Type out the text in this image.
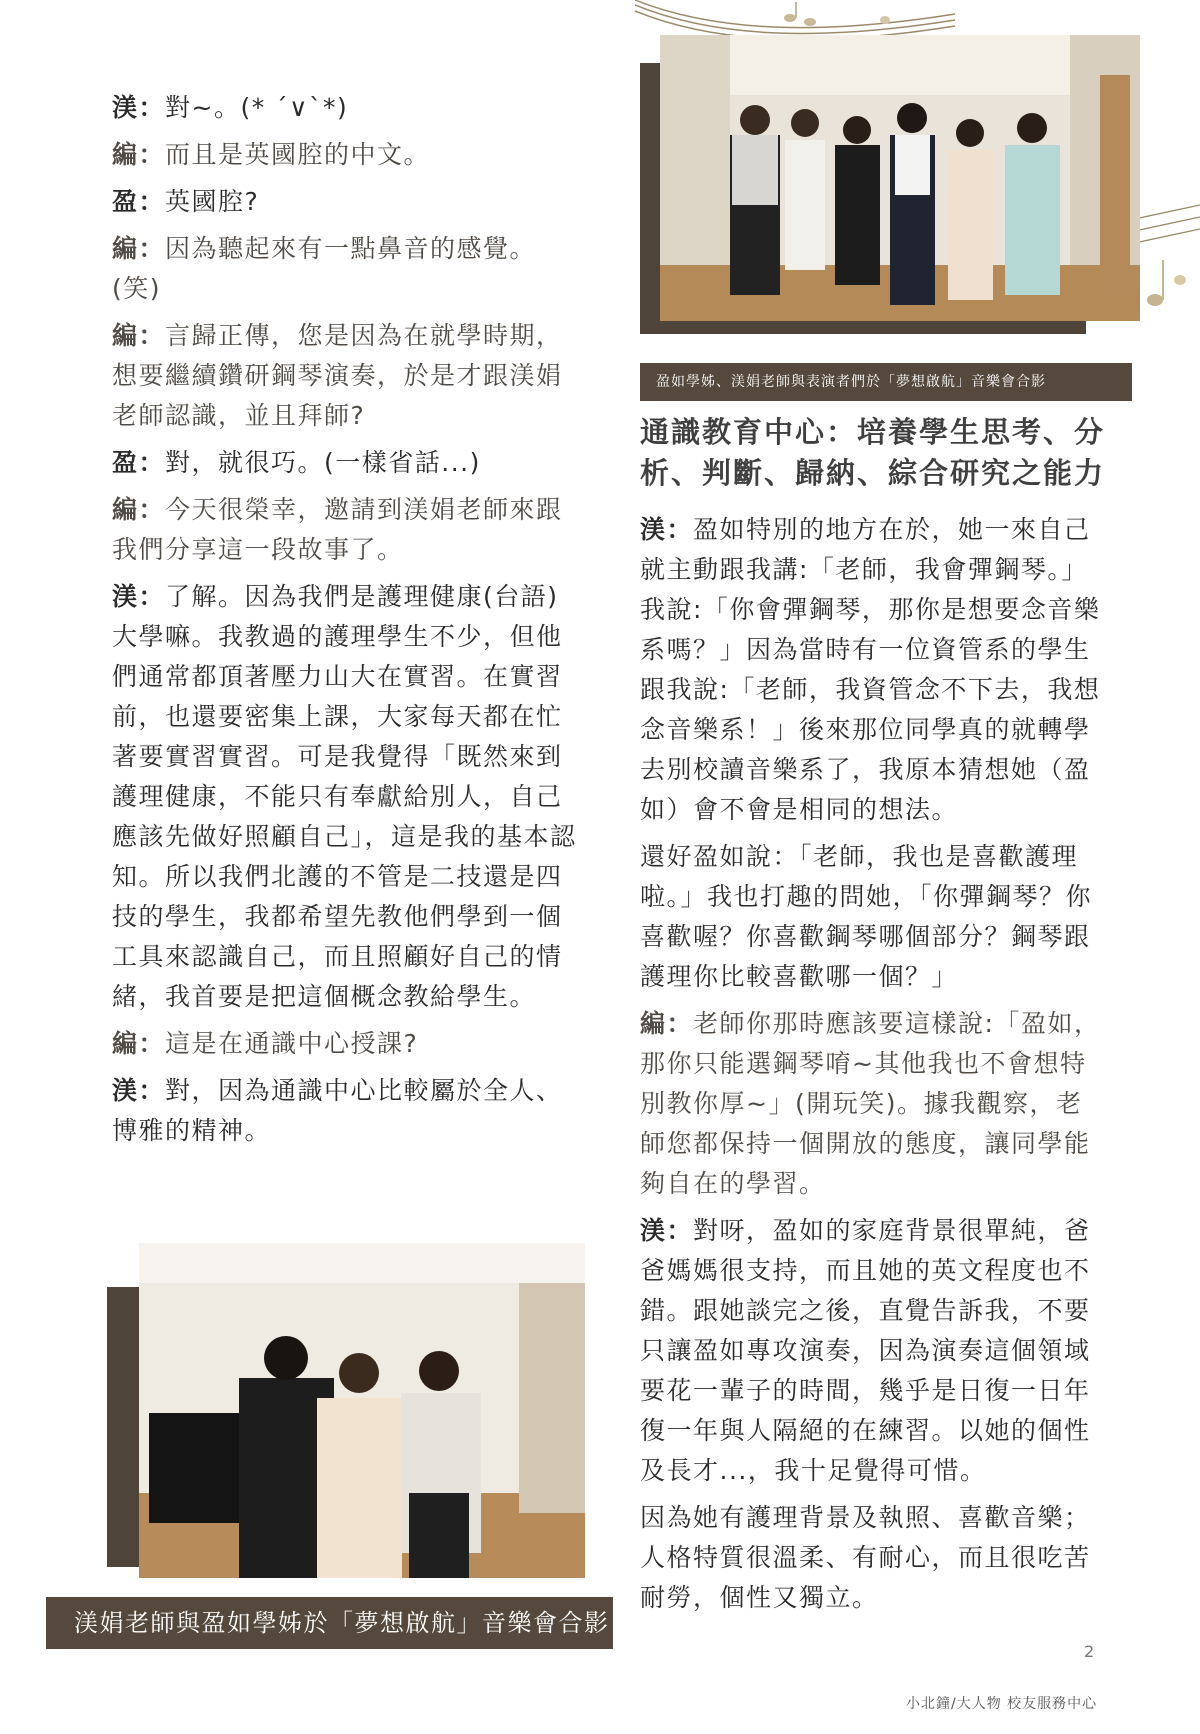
渼：對~。(* ´∨`*)

編：而且是英國腔的中文。

盈：英國腔?

編：因為聽起來有一點鼻音的感覺。(笑)

編：言歸正傳，您是因為在就學時期，想要繼續鑽研鋼琴演奏，於是才跟渼娟老師認識，並且拜師?

盈：對，就很巧。(一樣省話...)

編：今天很榮幸，邀請到渼娟老師來跟我們分享這一段故事了。

渼：了解。因為我們是護理健康(台語)大學嘛。我教過的護理學生不少，但他們通常都頂著壓力山大在實習。在實習前，也還要密集上課，大家每天都在忙著要實習實習。可是我覺得「既然來到護理健康，不能只有奉獻給別人，自己應該先做好照顧自己」，這是我的基本認知。所以我們北護的不管是二技還是四技的學生，我都希望先教他們學到一個工具來認識自己，而且照顧好自己的情緒，我首要是把這個概念教給學生。

編：這是在通識中心授課?

渼：對，因為通識中心比較屬於全人、博雅的精神。

盈如學姊、渼娟老師與表演者們於「夢想啟航」音樂會合影
通識教育中心：培養學生思考、分析、判斷、歸納、綜合研究之能力

渼：盈如特別的地方在於，她一來自己就主動跟我講:「老師，我會彈鋼琴。」我說:「你會彈鋼琴，那你是想要念音樂系嗎？」因為當時有一位資管系的學生跟我說:「老師，我資管念不下去，我想念音樂系！」後來那位同學真的就轉學去別校讀音樂系了，我原本猜想她（盈如）會不會是相同的想法。

還好盈如說：「老師，我也是喜歡護理啦。」我也打趣的問她，「你彈鋼琴？你喜歡喔？你喜歡鋼琴哪個部分？鋼琴跟護理你比較喜歡哪一個？」

編：老師你那時應該要這樣說:「盈如，那你只能選鋼琴唷~其他我也不會想特別教你厚~」(開玩笑)。據我觀察，老師您都保持一個開放的態度，讓同學能夠自在的學習。

渼：對呀，盈如的家庭背景很單純，爸爸媽媽很支持，而且她的英文程度也不錯。跟她談完之後，直覺告訴我，不要只讓盈如專攻演奏，因為演奏這個領域要花一輩子的時間，幾乎是日復一日年復一年與人隔絕的在練習。以她的個性及長才...，我十足覺得可惜。

因為她有護理背景及執照、喜歡音樂；人格特質很溫柔、有耐心，而且很吃苦耐勞，個性又獨立。

渼娟老師與盈如學姊於「夢想啟航」音樂會合影
2
小北鐘/大人物 校友服務中心
